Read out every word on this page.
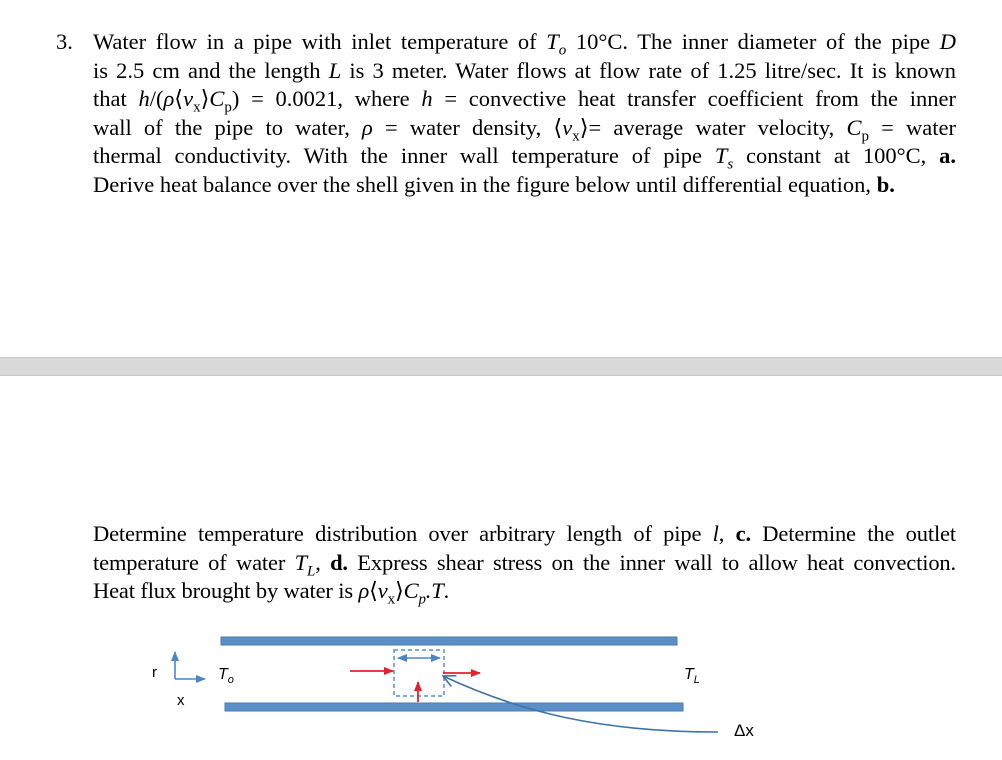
3. Water flow in a pipe with inlet temperature of $T_o$ 10°C. The inner diameter of the pipe D
is 2.5 cm and the length L is 3 meter. Water flows at flow rate of 1.25 litre/sec. It is known
that $h/(\rho⟨v_x⟩C_p) = 0.0021$, where h = convective heat transfer coefficient from the inner
wall of the pipe to water, ρ = water density, $⟨v_x⟩=$ average water velocity, $C_p$ = water
thermal conductivity. With the inner wall temperature of pipe $T_s$ constant at 100°C, a.
Derive heat balance over the shell given in the figure below until differential equation, b.
Determine temperature distribution over arbitrary length of pipe l, c. Determine the outlet
temperature of water $T_L$, d. Express shear stress on the inner wall to allow heat convection.
Heat flux brought by water is $\rho⟨v_x⟩C_p.T$.
r
x
$T_o$	$T_L$
Δx
